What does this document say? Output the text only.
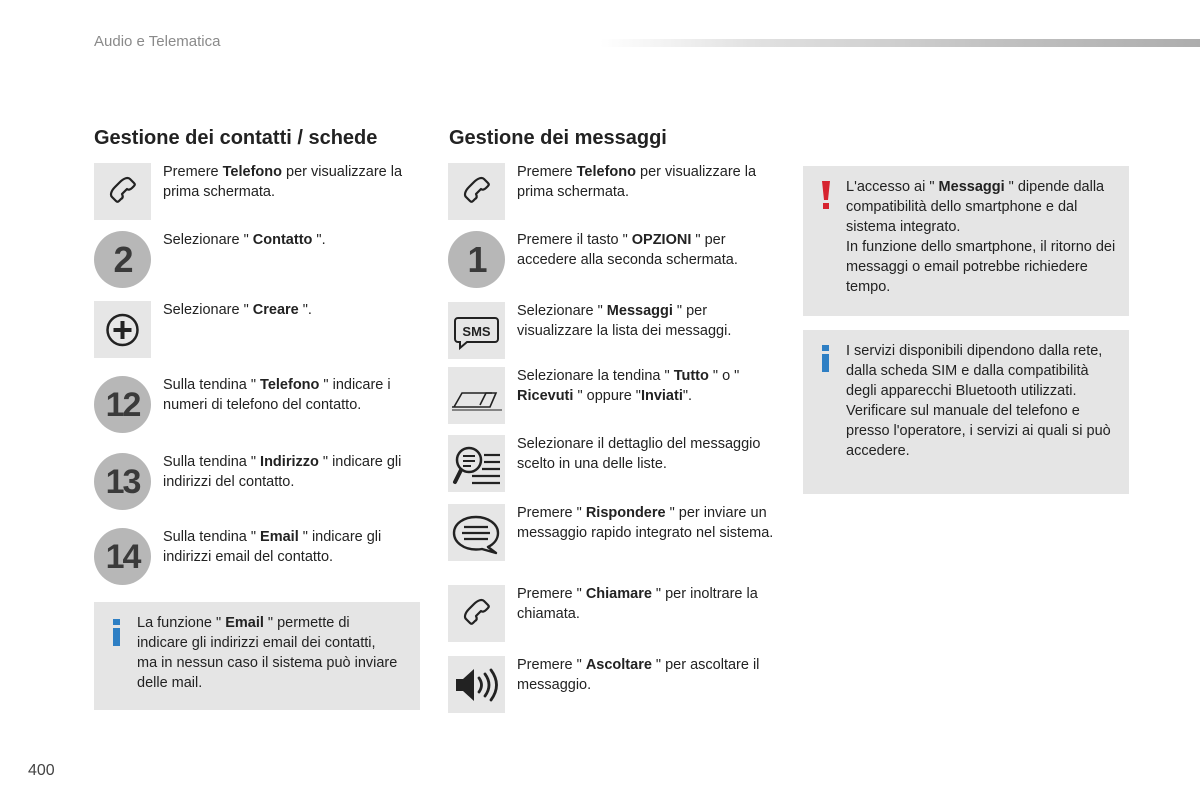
Audio e Telematica
Gestione dei contatti / schede
Premere Telefono per visualizzare la prima schermata.
2	Selezionare " Contatto ".
Selezionare " Creare ".
12
Sulla tendina " Telefono " indicare i numeri di telefono del contatto.
13
Sulla tendina " Indirizzo " indicare gli indirizzi del contatto.
14
Sulla tendina " Email " indicare gli indirizzi email del contatto.
La funzione " Email " permette di indicare gli indirizzi email dei contatti, ma in nessun caso il sistema può inviare delle mail.
Gestione dei messaggi
Premere Telefono per visualizzare la prima schermata.
1	Premere il tasto " OPZIONI " per accedere alla seconda schermata.
SMS
Selezionare " Messaggi " per visualizzare la lista dei messaggi.
Selezionare la tendina " Tutto " o " Ricevuti " oppure "Inviati".
Selezionare il dettaglio del messaggio scelto in una delle liste.
Premere " Rispondere " per inviare un messaggio rapido integrato nel sistema.
Premere " Chiamare " per inoltrare la chiamata.
Premere " Ascoltare " per ascoltare il messaggio.
L'accesso ai " Messaggi " dipende dalla compatibilità dello smartphone e dal sistema integrato.
In funzione dello smartphone, il ritorno dei messaggi o email potrebbe richiedere tempo.
I servizi disponibili dipendono dalla rete, dalla scheda SIM e dalla compatibilità degli apparecchi Bluetooth utilizzati.
Verificare sul manuale del telefono e presso l'operatore, i servizi ai quali si può accedere.
400
